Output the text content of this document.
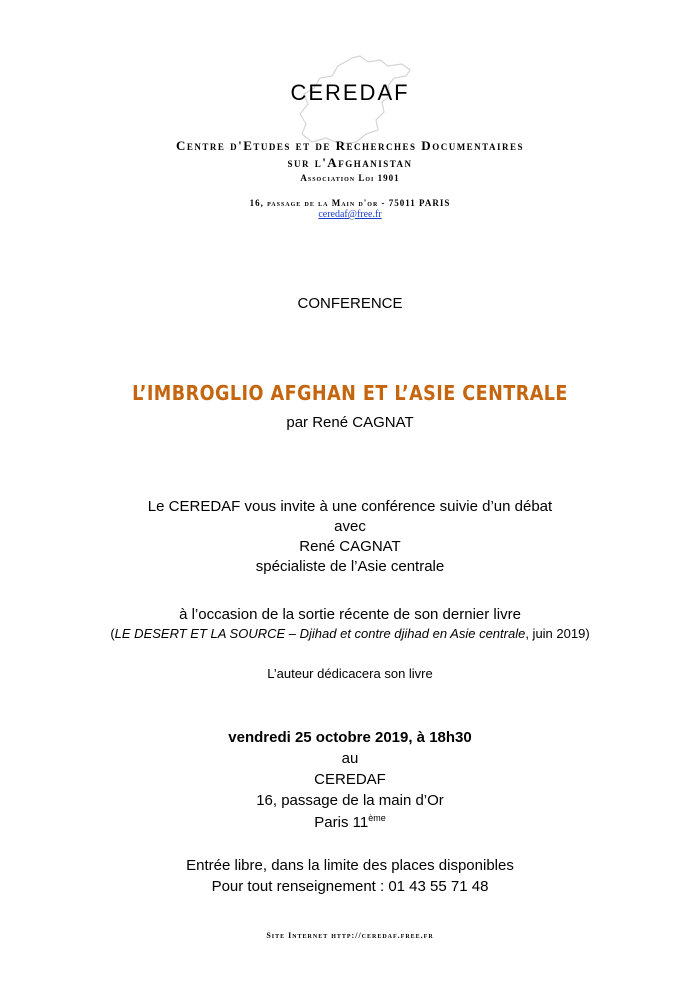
CEREDAF
Centre d'Etudes et de Recherches Documentaires
sur l'Afghanistan
Association Loi 1901
16, passage de la Main d'or - 75011 PARIS
ceredaf@free.fr
CONFERENCE
L’IMBROGLIO AFGHAN ET L’ASIE CENTRALE
par René CAGNAT
Le CEREDAF vous invite à une conférence suivie d’un débat
avec
René CAGNAT
spécialiste de l’Asie centrale
à l’occasion de la sortie récente de son dernier livre
(LE DESERT ET LA SOURCE – Djihad et contre djihad en Asie centrale, juin 2019)
L’auteur dédicacera son livre
vendredi 25 octobre 2019, à 18h30
au
CEREDAF
16, passage de la main d’Or
Paris 11ème
Entrée libre, dans la limite des places disponibles
Pour tout renseignement : 01 43 55 71 48
Site Internet http://ceredaf.free.fr
